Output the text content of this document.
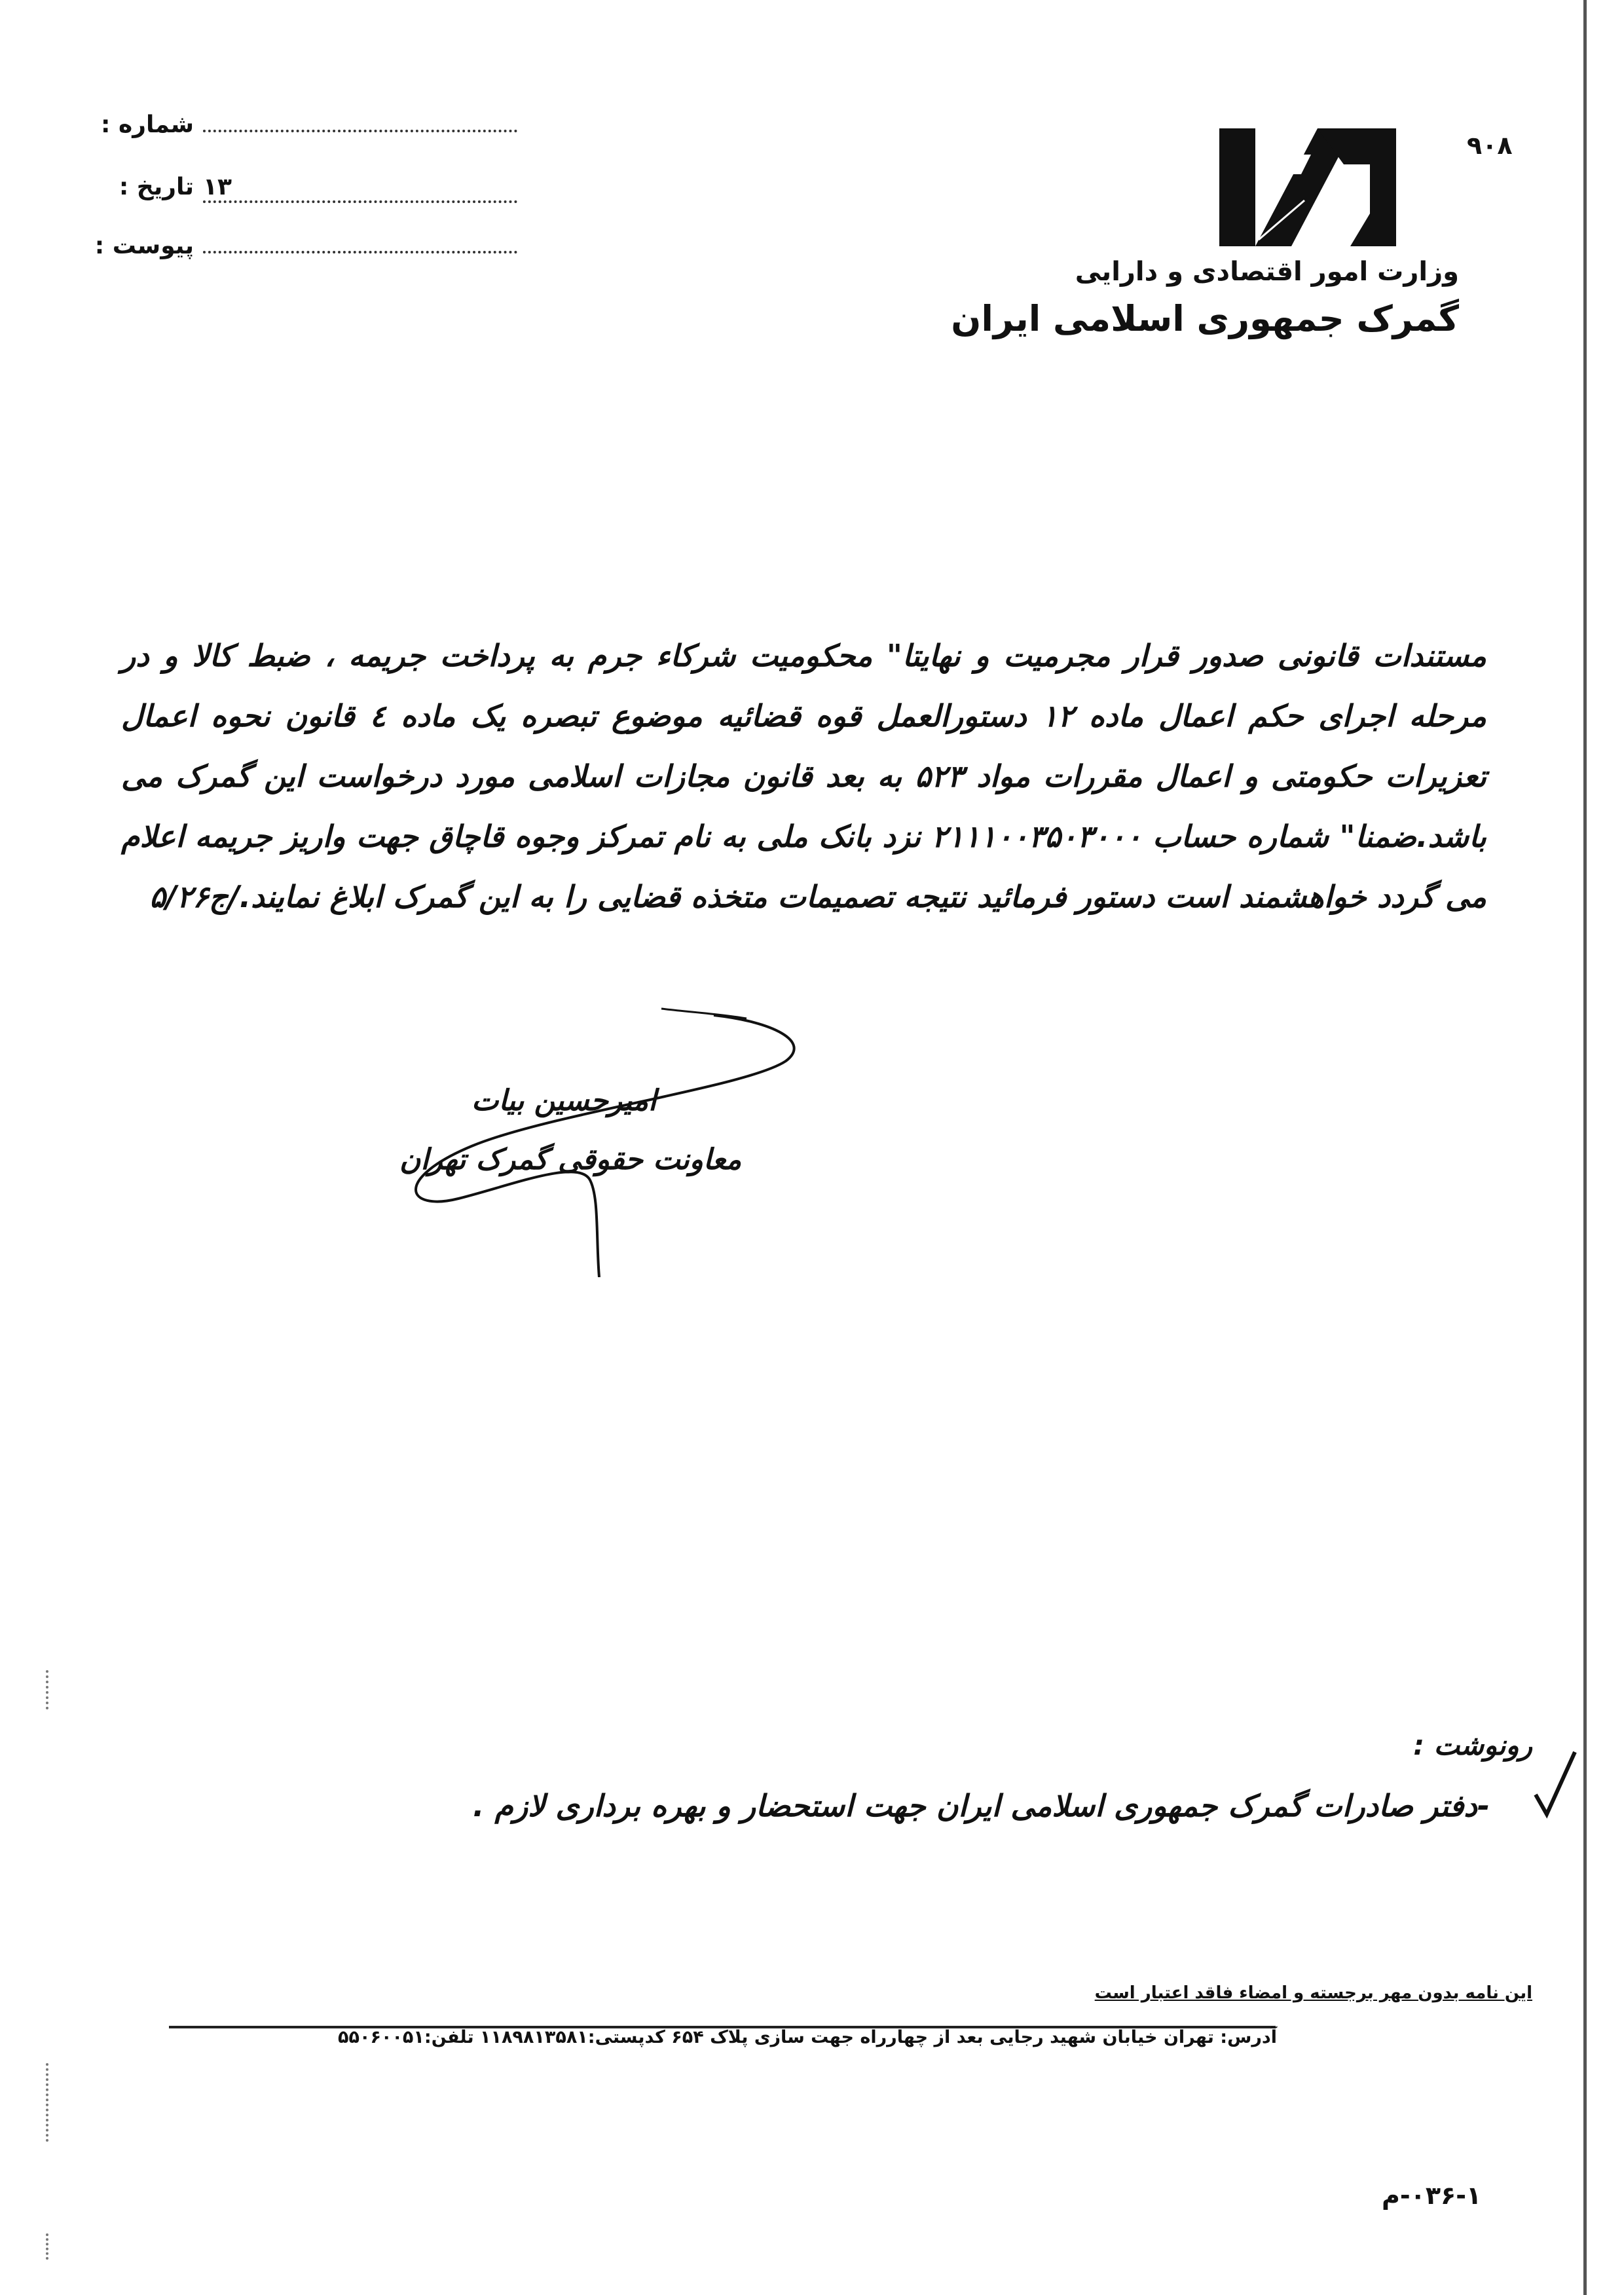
۹۰۸
وزارت امور اقتصادی و دارایی
گمرک جمهوری اسلامی ایران
شماره :
تاریخ : ۱۳
پیوست :
مستندات قانونی صدور قرار مجرمیت و نهایتا" محکومیت شرکاء جرم به پرداخت جریمه ، ضبط کالا و در مرحله اجرای حکم اعمال ماده ۱۲ دستورالعمل قوه قضائیه موضوع تبصره یک ماده ٤ قانون نحوه اعمال تعزیرات حکومتی و اعمال مقررات مواد ۵۲۳ به بعد قانون مجازات اسلامی مورد درخواست این گمرک می باشد.ضمنا" شماره حساب ۲۱۱۱۰۰۳۵۰۳۰۰۰ نزد بانک ملی به نام تمرکز وجوه قاچاق جهت واریز جریمه اعلام می گردد خواهشمند است دستور فرمائید نتیجه تصمیمات متخذه قضایی را به این گمرک ابلاغ نمایند./ج۵/۲۶
امیرحسین بیات
معاونت حقوقی گمرک تهران
رونوشت :
-دفتر صادرات گمرک جمهوری اسلامی ایران جهت استحضار و بهره برداری لازم .
این نامه بدون مهر برجسته و امضاء فاقد اعتبار است
آدرس: تهران خیابان شهید رجایی بعد از چهارراه جهت سازی پلاک ۶۵۴ کدپستی:۱۱۸۹۸۱۳۵۸۱ تلفن:۵۵۰۶۰۰۵۱
۰۳۶-۱-م
